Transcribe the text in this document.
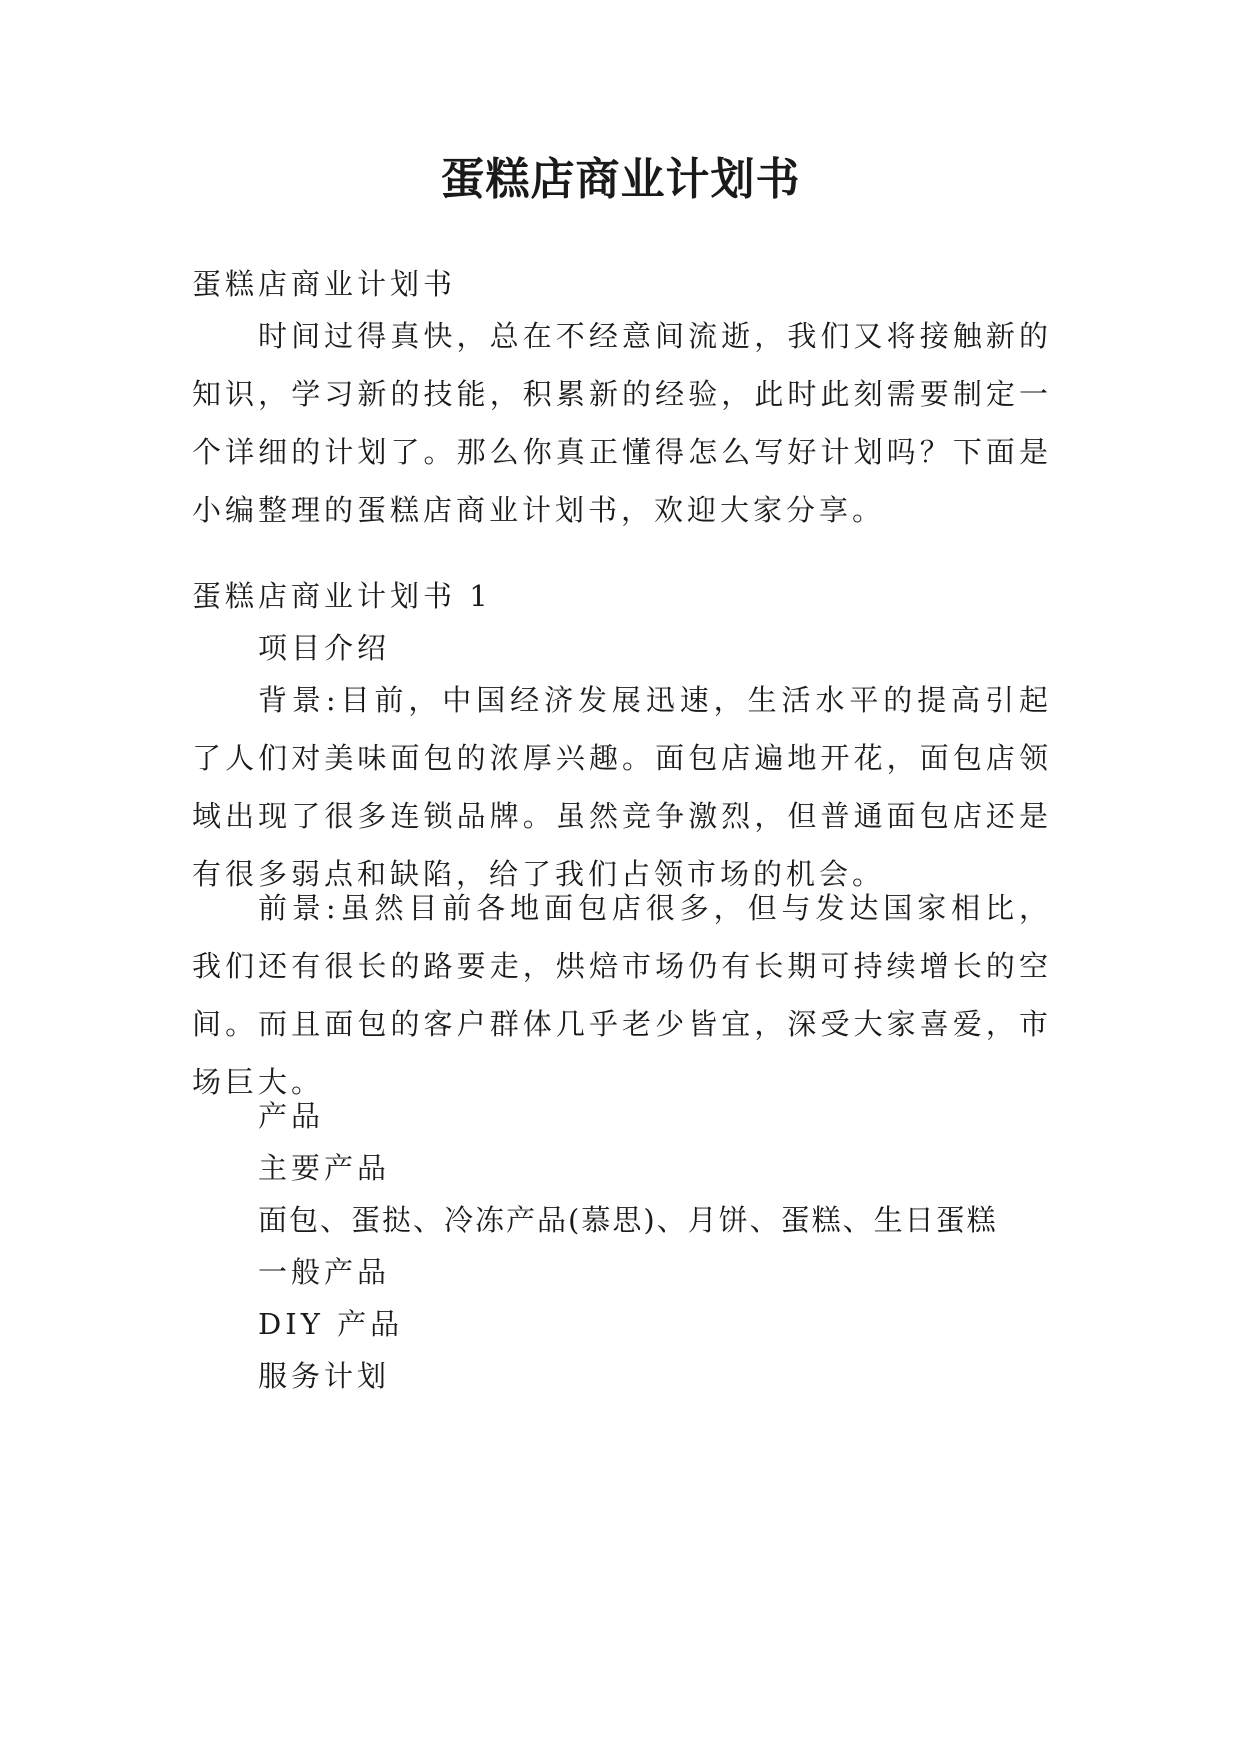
蛋糕店商业计划书

蛋糕店商业计划书

时间过得真快，总在不经意间流逝，我们又将接触新的知识，学习新的技能，积累新的经验，此时此刻需要制定一个详细的计划了。那么你真正懂得怎么写好计划吗？下面是小编整理的蛋糕店商业计划书，欢迎大家分享。

蛋糕店商业计划书 1

项目介绍

背景:目前，中国经济发展迅速，生活水平的提高引起了人们对美味面包的浓厚兴趣。面包店遍地开花，面包店领域出现了很多连锁品牌。虽然竞争激烈，但普通面包店还是有很多弱点和缺陷，给了我们占领市场的机会。

前景:虽然目前各地面包店很多，但与发达国家相比，我们还有很长的路要走，烘焙市场仍有长期可持续增长的空间。而且面包的客户群体几乎老少皆宜，深受大家喜爱，市场巨大。

产品

主要产品

面包、蛋挞、冷冻产品(慕思)、月饼、蛋糕、生日蛋糕

一般产品

DIY 产品

服务计划
